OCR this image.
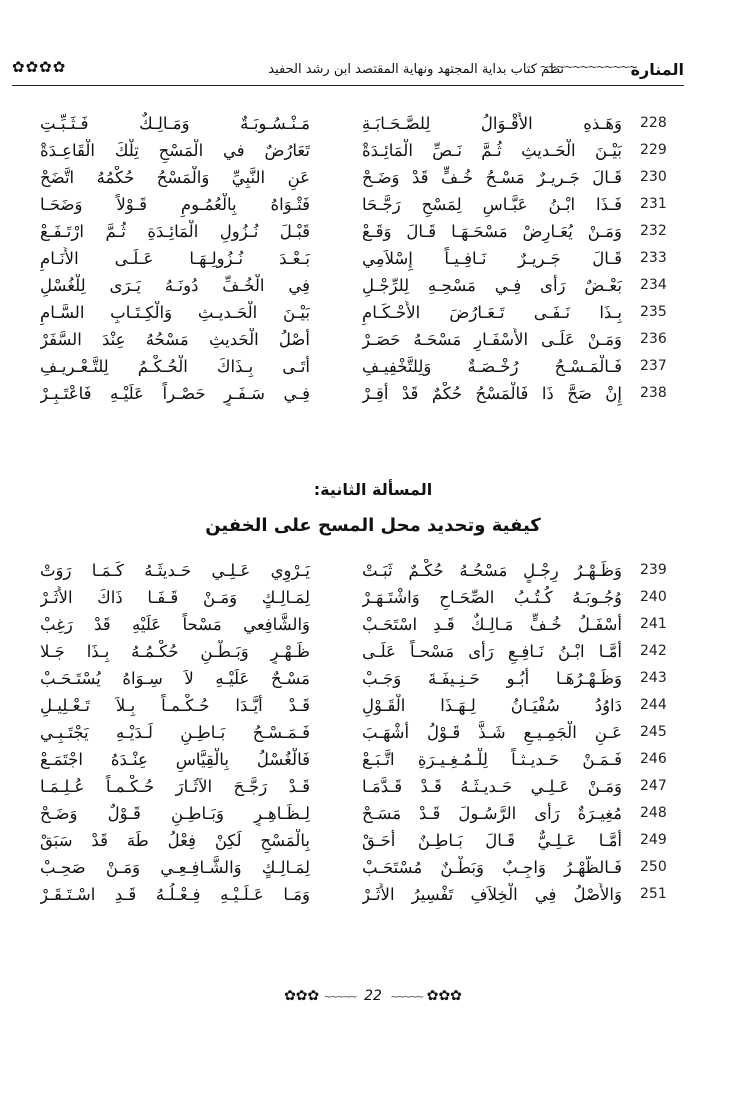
المنارة
~~~~~~~~~~~~
نظم كتاب بداية المجتهد ونهاية المقتصد ابن رشد الحفيد
✿✿✿✿
228
وَهَـذهِ الأَقْـوَالُ لِلصَّـحَـابَـةِ
مَـنْـسُـوبَـةٌ وَمَـالِـكٌ فَـثَـبِّـتِ
229
بَيْـنَ الْحَـديثِ ثُـمَّ نَـصِّ الْمَائِـدَةْ
تَعَارُضٌ في الْمَسْحِ تِلْكَ الْقَاعِـدَةْ
230
قَـالَ جَـريـرٌ مَسْـحُ خُـفٍّ قَدْ وَضَـحْ
عَنِ النَّبِيِّ وَالْمَسْحُ حُكْمُهُ اتَّضَحْ
231
فَـذَا ابْـنُ عَبَّـاسٍ لِمَسْحٍ رَجَّـحَا
فَتْـوَاهُ بِالْعُمُـومِ قَـوْلاً وَضَحَـا
232
وَمَـنْ يُعَـارِضْ مَسْحَـهَـا قَـالَ وَقَـعْ
قَبْـلَ نُـزُولِ الْمَائِـدَةِ ثُـمَّ ارْتَـفَـعْ
233
قَـالَ جَـريـرٌ نَـافِـيـاً إِسْلاَمِي
بَـعْـدَ نُـزُولِـهَـا عَـلَـى الأَنَـامِ
234
بَعْـضٌ رَأَى فِـي مَسْحِـهِ لِلرِّجْـلِ
فِي الْخُـفِّ دُونَـهُ يَـرَى لِلْغُسْلِ
235
بِـذَا نَـفَـى تَـعَـارُضَ الأَحْـكَـامِ
بَيْـنَ الْحَـديـثِ وَالْكِـتَـابِ السَّـامِ
236
وَمَـنْ عَلَـى الأَسْفَـارِ مَسْحَـهُ حَصَـرْ
أَصْلُ الْحَديثِ مَسْحُهُ عِنْدَ السَّفَرْ
237
فَـالْمَـسْـحُ رُخْـصَـةٌ وَلِلتَّخْفِيـفِ
أَتَـى بِـذَاكَ الْحُـكْـمُ لِلتَّـعْـريـفِ
238
إِنْ صَحَّ ذَا فَالْمَسْحُ حُكْمٌ قَدْ أُقِـرْ
فِـي سَـفَـرٍ حَصْـراً عَلَيْـهِ فَاعْتَـبِـرْ
المسألة الثانية:
كيفية وتحديد محل المسح على الخفين
239
وَظَـهْـرُ رِجْـلٍ مَسْحُـهُ حُكْـمٌ ثَبَـتْ
يَـرْوِي عَـلِـي حَـديثَـهُ كَـمَـا رَوَتْ
240
وُجُـوبَـهُ كُـتُـبُ الصِّحَـاحِ وَاشْتَـهَـرْ
لِمَـالِـكٍ وَمَـنْ قَـفَـا ذَاكَ الأَثَـرْ
241
أَسْفَـلُ خُـفٍّ مَـالِـكٌ قَـدِ اسْتَحَـبْ
وَالشَّافِعي مَسْحاً عَلَيْهِ قَدْ رَغِبْ
242
أَمَّـا ابْـنُ نَـافِـعٍ رَأَى مَسْحـاً عَلَـى
ظَـهْـرٍ وَبَـطْـنٍ حُكْـمُـهُ بِـذَا جَـلا
243
وَظَـهْـرُهَـا أَبُـو حَـنِـيفَـةَ وَجَـبْ
مَسْـحٌ عَلَيْـهِ لاَ سِـوَاهُ يُسْتَـحَـبْ
244
دَاوُدُ سُفْيَـانُ لِـهَـذَا الْقَـوْلِ
قَـدْ أَيَّـدَا حُـكْـمـاً بِـلاَ تَـعْـلِيـلِ
245
عَـنِ الْجَمِـيـعِ شَـذَّ قَـوْلُ أَشْهَـبَ
فَـمَـسْـحُ بَـاطِـنٍ لَـدَيْـهِ يَجْتَـبِـي
246
فَـمَـنْ حَـديـثـاً لِلْـمُـغِـيـرَةِ اتَّـبَـعْ
فَالْغُسْلُ بِالْقِيَّاسِ عِنْـدَهُ اجْتَمَـعْ
247
وَمَـنْ عَـلِـي حَـديـثَـهُ قَـدْ قَـدَّمَـا
قَـدْ رَجَّـحَ الآثَـارَ حُـكْـمـاً عُـلِـمَـا
248
مُغِيـرَةٌ رَأَى الرَّسُـولَ قَـدْ مَسَـحْ
لِـظَـاهِـرٍ وَبَـاطِـنٍ قَـوْلٌ وَضَـحْ
249
أَمَّـا عَـلِـيٌّ قَـالَ بَـاطِـنٌ أَحَـقْ
بِالْمَسْحِ لَكِنْ فِعْلُ طَهَ قَدْ سَبَقْ
250
فَـالظُّهْـرُ وَاجِـبٌ وَبَطْـنٌ مُسْتَحَـبْ
لِمَـالِـكٍ وَالشَّـافِـعِـي وَمَـنْ صَحِـبْ
251
وَالأَصْلُ فِي الْخِلاَفِ تَفْسِيرُ الأَثَـرْ
وَمَـا عَـلَـيْـهِ فِـعْـلُـهُ قَـدِ اسْـتَـقَـرْ
✿✿✿ ~~~~~ 22 ~~~~~ ✿✿✿
